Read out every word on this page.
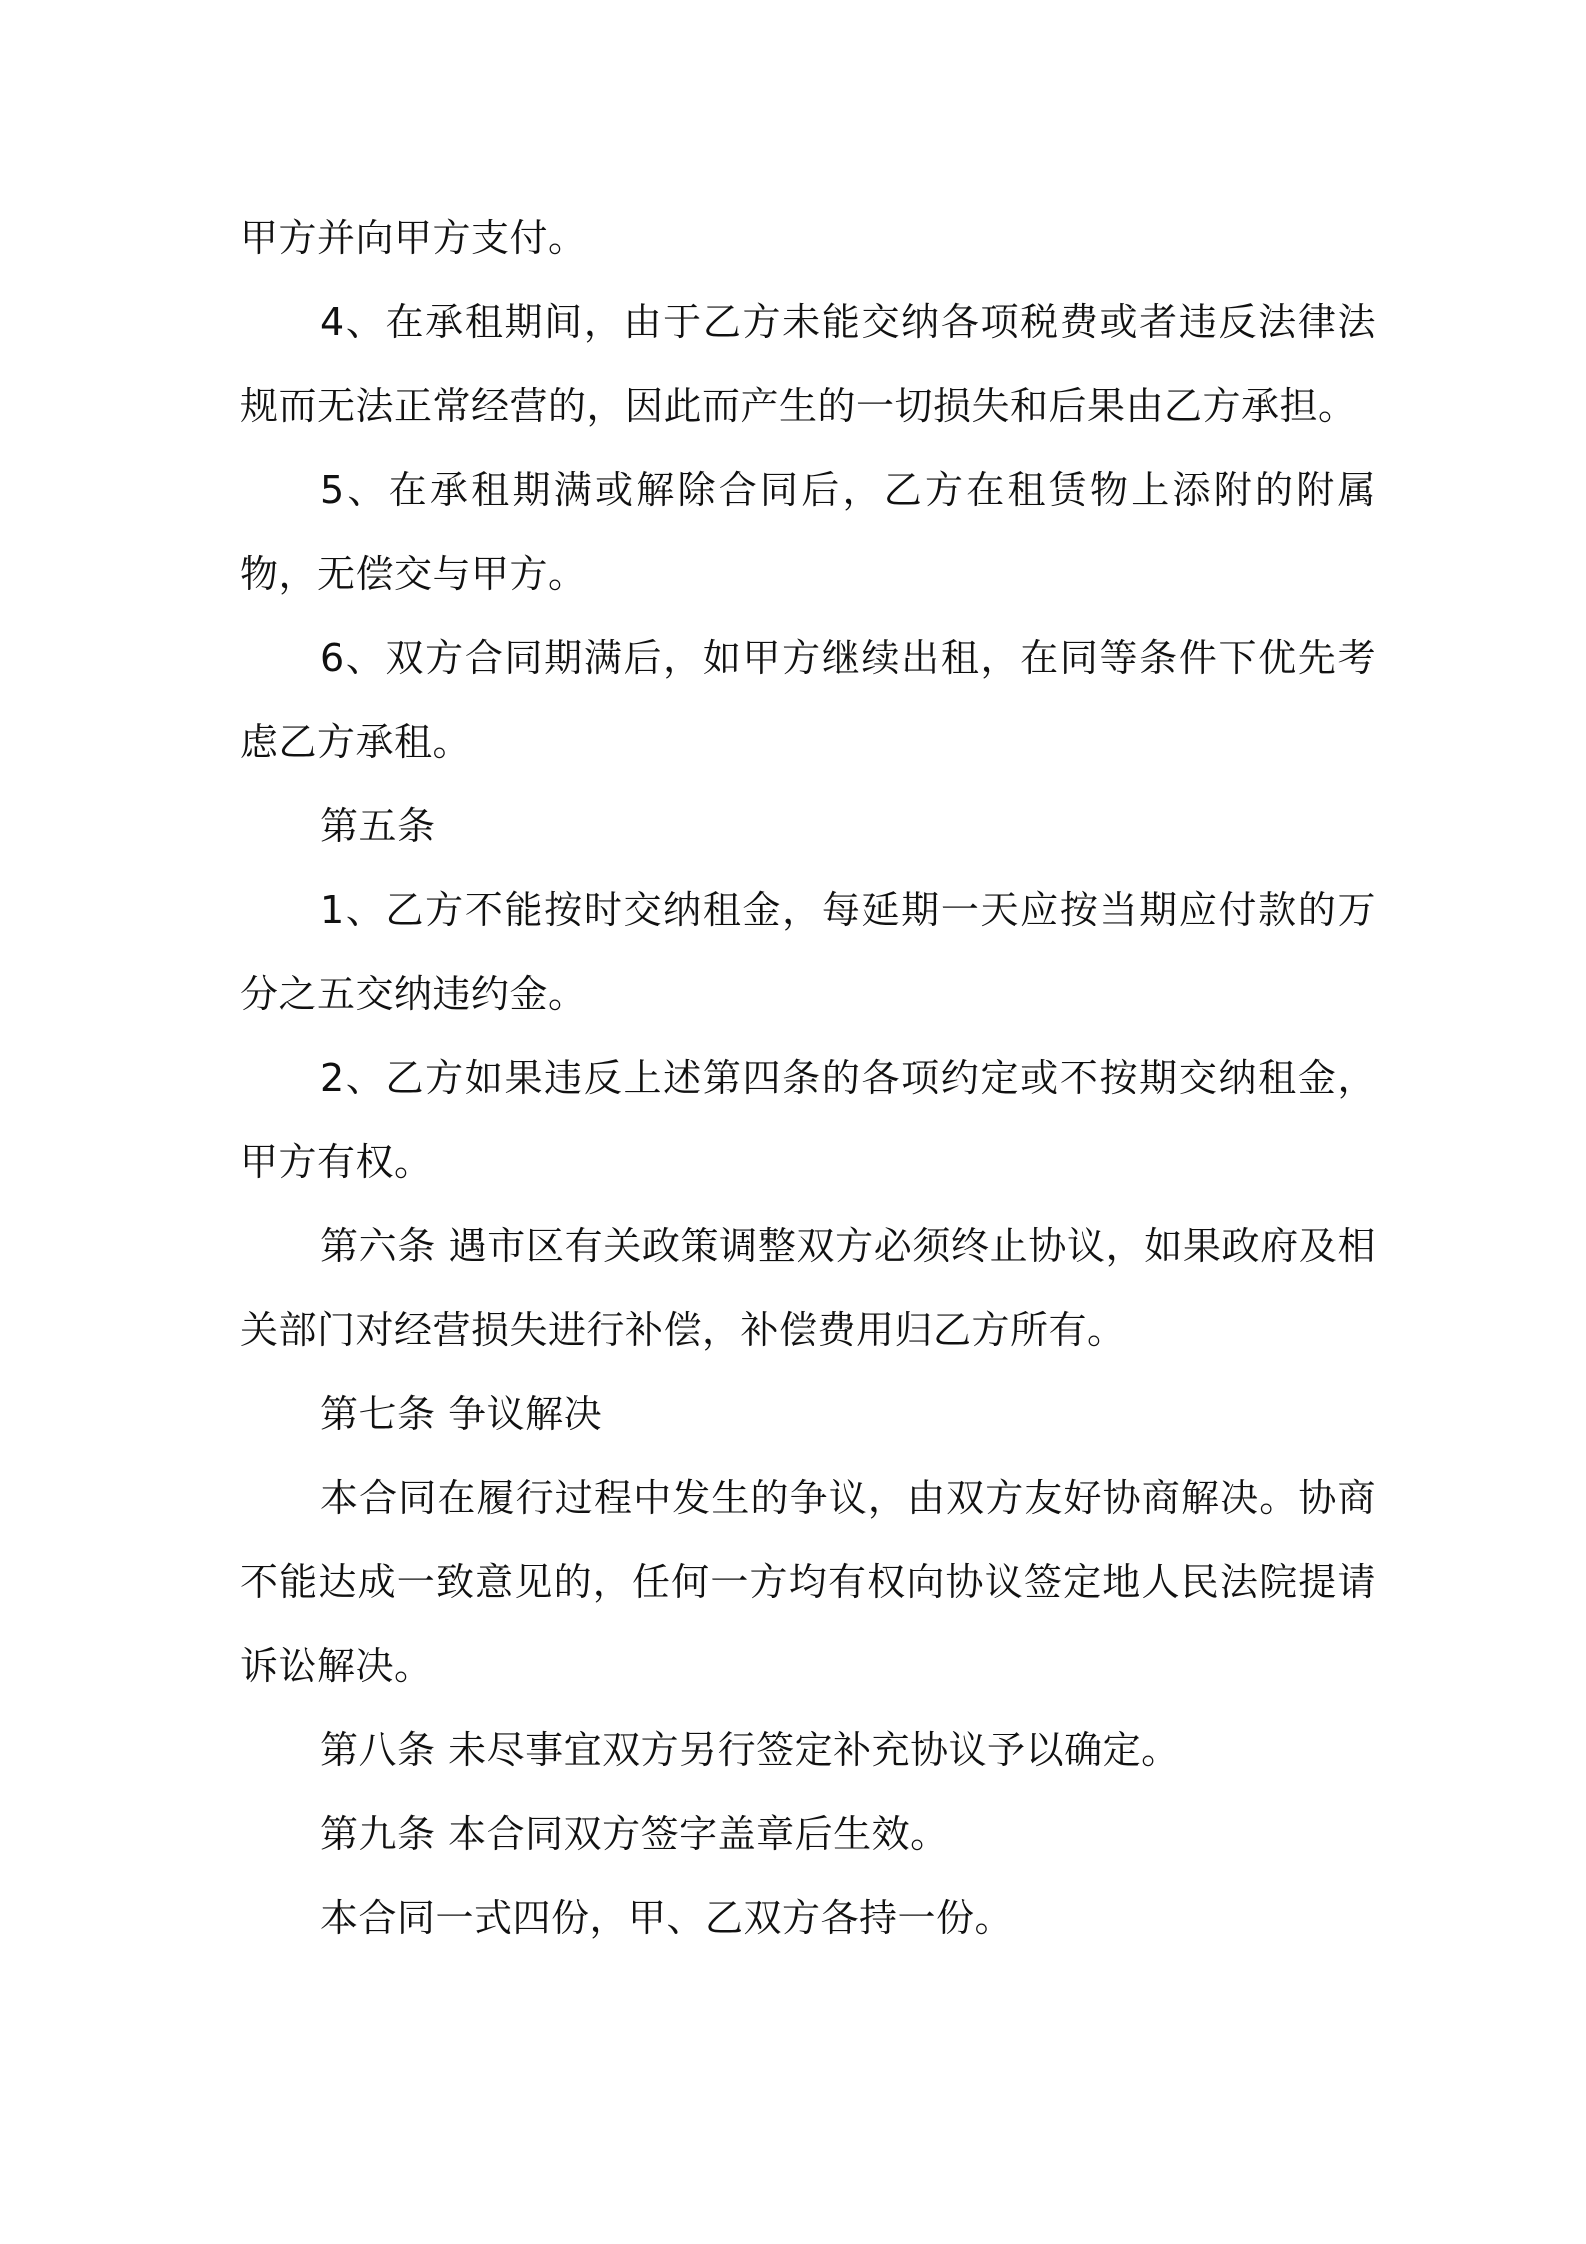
甲方并向甲方支付。

4、在承租期间，由于乙方未能交纳各项税费或者违反法律法规而无法正常经营的，因此而产生的一切损失和后果由乙方承担。

5、在承租期满或解除合同后，乙方在租赁物上添附的附属物，无偿交与甲方。

6、双方合同期满后，如甲方继续出租，在同等条件下优先考虑乙方承租。

第五条

1、乙方不能按时交纳租金，每延期一天应按当期应付款的万分之五交纳违约金。

2、乙方如果违反上述第四条的各项约定或不按期交纳租金，甲方有权。

第六条 遇市区有关政策调整双方必须终止协议，如果政府及相关部门对经营损失进行补偿，补偿费用归乙方所有。

第七条 争议解决

本合同在履行过程中发生的争议，由双方友好协商解决。协商不能达成一致意见的，任何一方均有权向协议签定地人民法院提请诉讼解决。

第八条 未尽事宜双方另行签定补充协议予以确定。

第九条 本合同双方签字盖章后生效。

本合同一式四份，甲、乙双方各持一份。
